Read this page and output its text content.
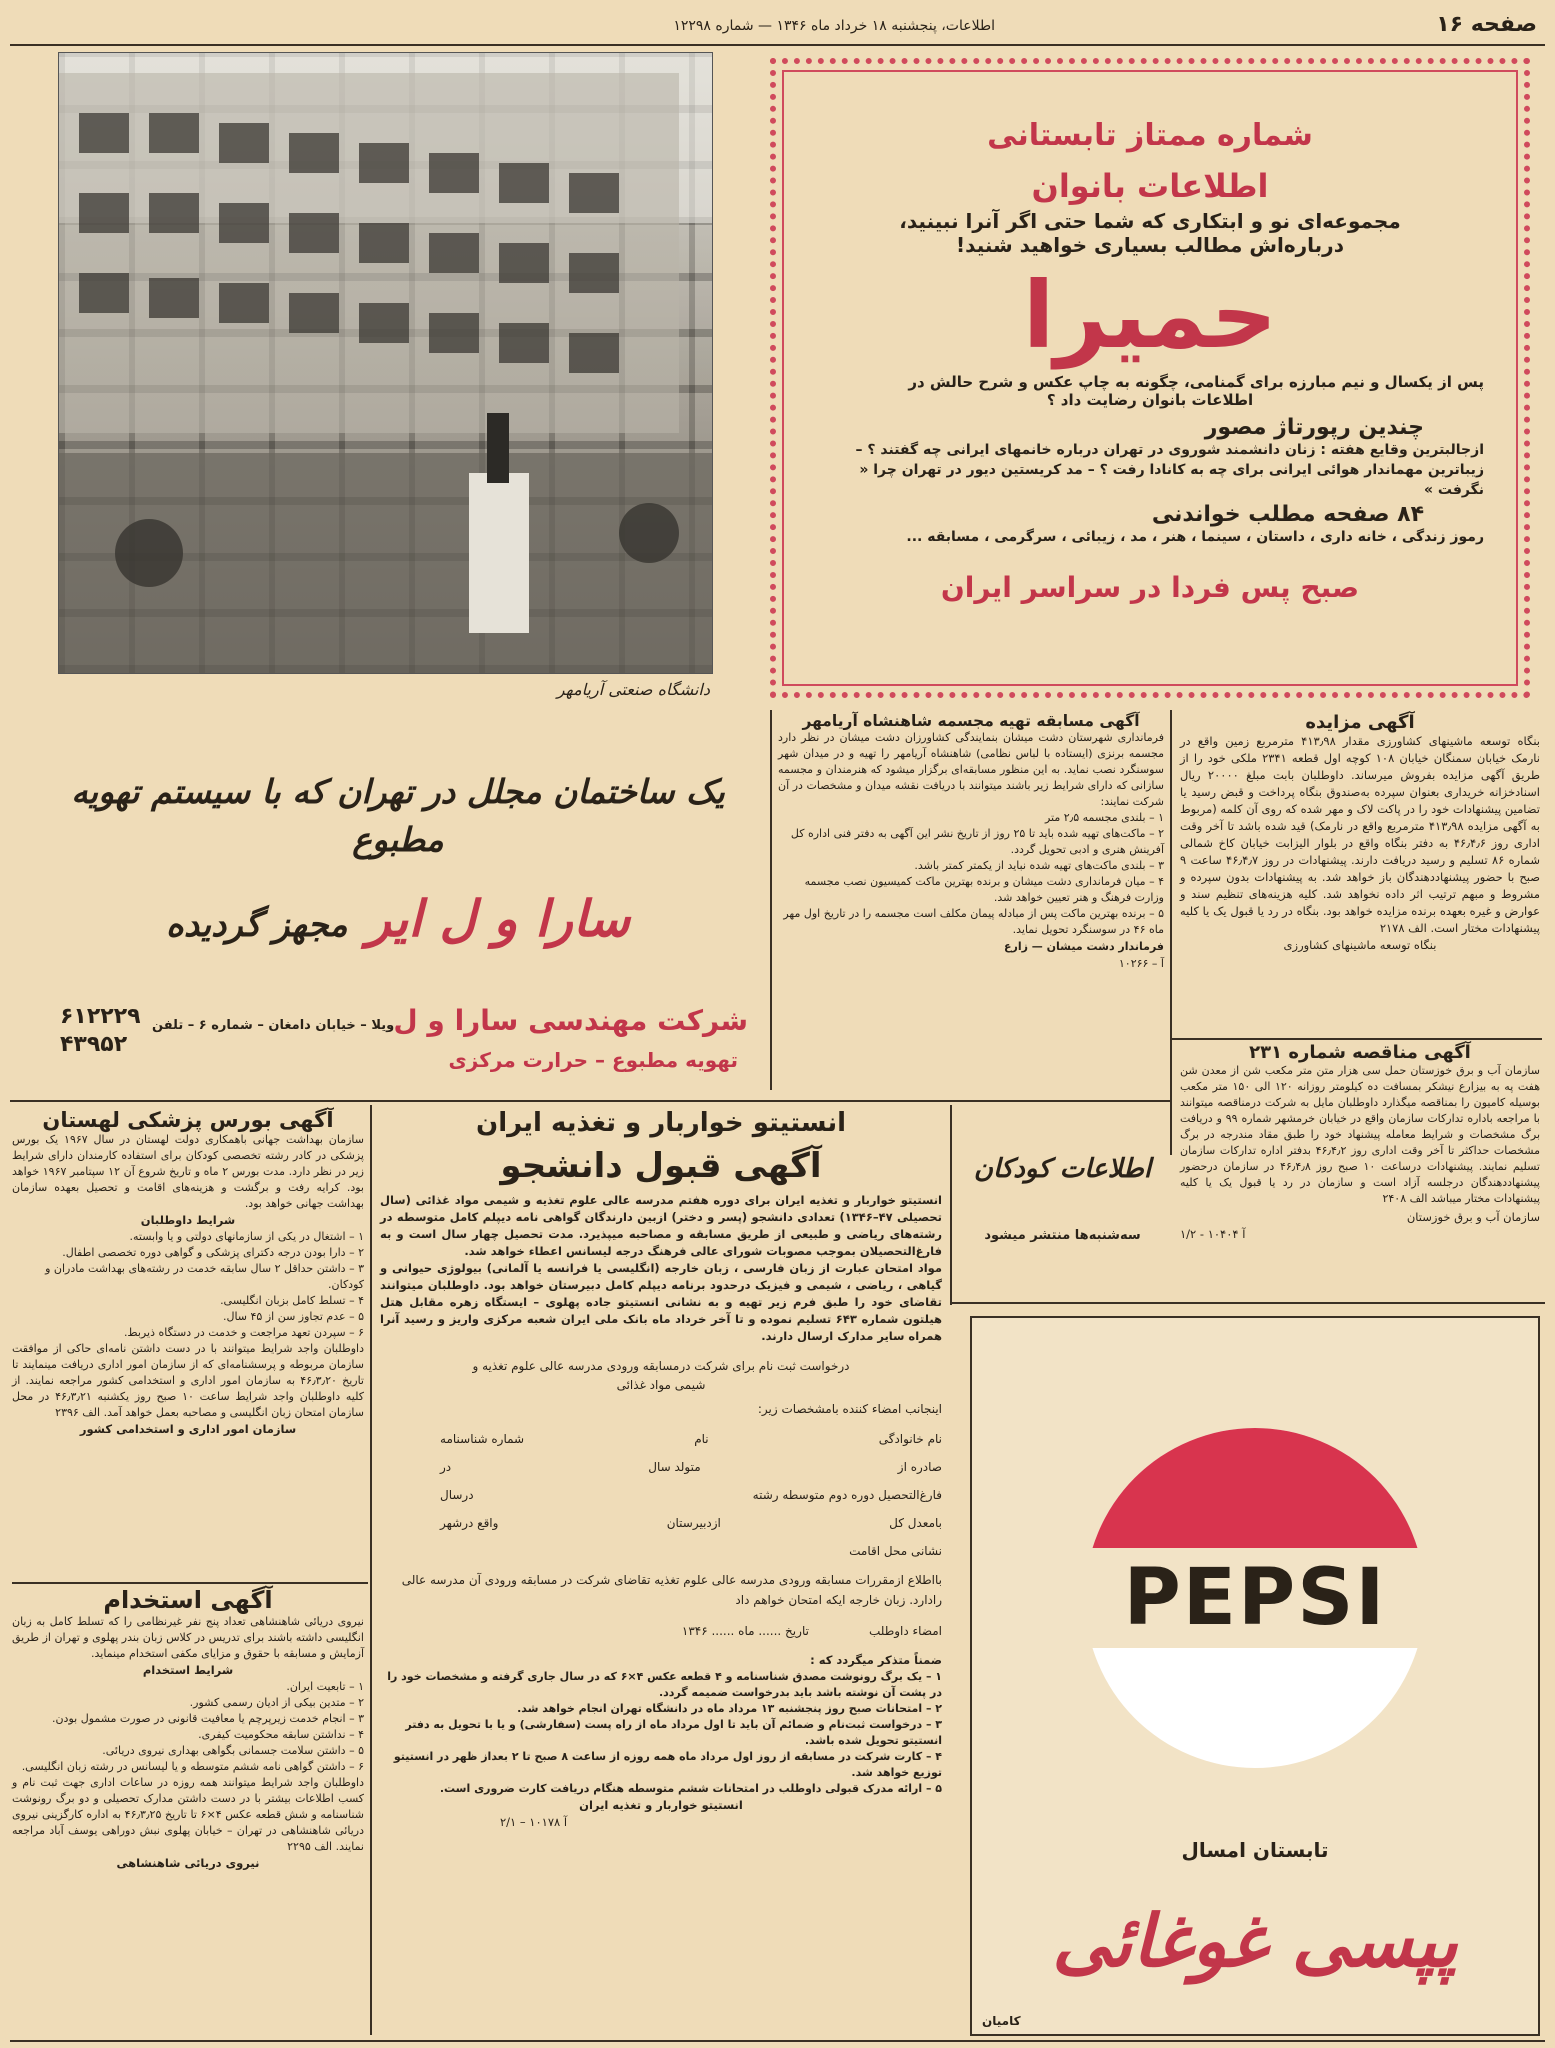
صفحه ۱۶
اطلاعات، پنجشنبه ۱۸ خرداد ماه ۱۳۴۶ — شماره ۱۲۲۹۸
دانشگاه صنعتی آریامهر
شماره ممتاز تابستانی
اطلاعات بانوان
مجموعه‌ای نو و ابتکاری که شما حتی اگر آنرا نبینید،
درباره‌اش مطالب بسیاری خواهید شنید!
حمیرا
پس از یکسال و نیم مبارزه برای گمنامی، چگونه به چاپ عکس و شرح حالش در
اطلاعات بانوان رضایت داد ؟
چندین رپورتاژ مصور
ازجالبترین وقایع هفته : زنان دانشمند شوروی در تهران درباره خانمهای ایرانی چه گفتند ؟ – زیباترین مهماندار هوائی ایرانی برای چه به کانادا رفت ؟ – مد کریستین دیور در تهران چرا « نگرفت »
۸۴ صفحه مطلب خواندنی
رموز زندگی ، خانه داری ، داستان ، سینما ، هنر ، مد ، زیبائی ، سرگرمی ، مسابقه ...
صبح پس فردا در سراسر ایران
آگهی مزایده
بنگاه توسعه ماشینهای کشاورزی مقدار ۴۱۳٫۹۸ مترمربع زمین واقع در نارمک خیابان سمنگان خیابان ۱۰۸ کوچه اول قطعه ۲۳۴۱ ملکی خود را از طریق آگهی مزایده بفروش میرساند. داوطلبان بابت مبلغ ۲۰۰۰۰ ریال اسنادخزانه خریداری بعنوان سپرده به‌صندوق بنگاه پرداخت و قبض رسید یا تضامین پیشنهادات خود را در پاکت لاک و مهر شده که روی آن کلمه (مربوط به آگهی مزایده ۴۱۳٫۹۸ مترمربع واقع در نارمک) قید شده باشد تا آخر وقت اداری روز ۴۶٫۴٫۶ به دفتر بنگاه واقع در بلوار الیزابت خیابان کاخ شمالی شماره ۸۶ تسلیم و رسید دریافت دارند. پیشنهادات در روز ۴۶٫۴٫۷ ساعت ۹ صبح با حضور پیشنهاددهندگان باز خواهد شد. به پیشنهادات بدون سپرده و مشروط و مبهم ترتیب اثر داده نخواهد شد. کلیه هزینه‌های تنظیم سند و عوارض و غیره بعهده برنده مزایده خواهد بود. بنگاه در رد یا قبول یک یا کلیه پیشنهادات مختار است. الف ۲۱۷۸
بنگاه توسعه ماشینهای کشاورزی
آگهی مناقصه شماره ۲۳۱
سازمان آب و برق خوزستان حمل سی هزار متن متر مکعب شن از معدن شن هفت په به بیزارع نیشکر بمسافت ده کیلومتر روزانه ۱۲۰ الی ۱۵۰ متر مکعب بوسیله کامیون را بمناقصه میگذارد داوطلبان مایل به شرکت درمناقصه میتوانند با مراجعه باداره تدارکات سازمان واقع در خیابان خرمشهر شماره ۹۹ و دریافت برگ مشخصات و شرایط معامله پیشنهاد خود را طبق مقاد مندرجه در برگ مشخصات حداکثر تا آخر وقت اداری روز ۴۶٫۴٫۲ بدفتر اداره تدارکات سازمان تسلیم نمایند. پیشنهادات درساعت ۱۰ صبح روز ۴۶٫۴٫۸ در سازمان درحضور پیشنهاددهندگان درجلسه آزاد است و سازمان در رد یا قبول یک یا کلیه پیشنهادات مختار میباشد الف ۲۴۰۸
سازمان آب و برق خوزستان
آ ۱۰۴۰۴ - ۱/۲
آگهی مسابقه تهیه مجسمه شاهنشاه آریامهر
فرمانداری شهرستان دشت میشان بنمایندگی کشاورزان دشت میشان در نظر دارد مجسمه برنزی (ایستاده با لباس نظامی) شاهنشاه آریامهر را تهیه و در میدان شهر سوسنگرد نصب نماید. به این منظور مسابقه‌ای برگزار میشود که هنرمندان و مجسمه سازانی که دارای شرایط زیر باشند میتوانند با دریافت نقشه میدان و مشخصات در آن شرکت نمایند:
۱ – بلندی مجسمه ۲٫۵ متر
۲ – ماکت‌های تهیه شده باید تا ۲۵ روز از تاریخ نشر این آگهی به دفتر فنی اداره کل آفرینش هنری و ادبی تحویل گردد.
۳ – بلندی ماکت‌های تهیه شده نباید از یکمتر کمتر باشد.
۴ – میان فرمانداری دشت میشان و برنده بهترین ماکت کمیسیون نصب مجسمه وزارت فرهنگ و هنر تعیین خواهد شد.
۵ – برنده بهترین ماکت پس از مبادله پیمان مکلف است مجسمه را در تاریخ اول مهر ماه ۴۶ در سوسنگرد تحویل نماید.
فرماندار دشت میشان — زارع
آ – ۱۰۲۶۶
یک ساختمان مجلل در تهران که با سیستم تهویه مطبوع
سارا و ل ایر مجهز گردیده
شرکت مهندسی سارا و ل
تهویه مطبوع – حرارت مرکزی
ویلا – خیابان دامغان – شماره ۶ – تلفن
۶۱۲۲۲۹
۴۳۹۵۲
آگهی بورس پزشکی لهستان
سازمان بهداشت جهانی باهمکاری دولت لهستان در سال ۱۹۶۷ یک بورس پزشکی در کادر رشته تخصصی کودکان برای استفاده کارمندان دارای شرایط زیر در نظر دارد. مدت بورس ۲ ماه و تاریخ شروع آن ۱۲ سپتامبر ۱۹۶۷ خواهد بود. کرایه رفت و برگشت و هزینه‌های اقامت و تحصیل بعهده سازمان بهداشت جهانی خواهد بود.
شرایط داوطلبان
۱ – اشتغال در یکی از سازمانهای دولتی و یا وابسته.
۲ – دارا بودن درجه دکترای پزشکی و گواهی دوره تخصصی اطفال.
۳ – داشتن حداقل ۲ سال سابقه خدمت در رشته‌های بهداشت مادران و کودکان.
۴ – تسلط کامل بزبان انگلیسی.
۵ – عدم تجاوز سن از ۴۵ سال.
۶ – سپردن تعهد مراجعت و خدمت در دستگاه ذیربط.
داوطلبان واجد شرایط میتوانند با در دست داشتن نامه‌ای حاکی از موافقت سازمان مربوطه و پرسشنامه‌ای که از سازمان امور اداری دریافت مینمایند تا تاریخ ۴۶٫۳٫۲۰ به سازمان امور اداری و استخدامی کشور مراجعه نمایند. از کلیه داوطلبان واجد شرایط ساعت ۱۰ صبح روز یکشنبه ۴۶٫۳٫۲۱ در محل سازمان امتحان زبان انگلیسی و مصاحبه بعمل خواهد آمد. الف ۲۳۹۶
سازمان امور اداری و استخدامی کشور
آگهی استخدام
نیروی دریائی شاهنشاهی تعداد پنج نفر غیرنظامی را که تسلط کامل به زبان انگلیسی داشته باشند برای تدریس در کلاس زبان بندر پهلوی و تهران از طریق آزمایش و مسابقه با حقوق و مزایای مکفی استخدام مینماید.
شرایط استخدام
۱ – تابعیت ایران.
۲ – متدین بیکی از ادیان رسمی کشور.
۳ – انجام خدمت زیرپرچم یا معافیت قانونی در صورت مشمول بودن.
۴ – نداشتن سابقه محکومیت کیفری.
۵ – داشتن سلامت جسمانی بگواهی بهداری نیروی دریائی.
۶ – داشتن گواهی نامه ششم متوسطه و یا لیسانس در رشته زبان انگلیسی.
داوطلبان واجد شرایط میتوانند همه روزه در ساعات اداری جهت ثبت نام و کسب اطلاعات بیشتر با در دست داشتن مدارک تحصیلی و دو برگ رونوشت شناسنامه و شش قطعه عکس ۴×۶ تا تاریخ ۴۶٫۳٫۲۵ به اداره کارگزینی نیروی دریائی شاهنشاهی در تهران – خیابان پهلوی نبش دوراهی یوسف آباد مراجعه نمایند. الف ۲۲۹۵
نیروی دریائی شاهنشاهی
انستیتو خواربار و تغذیه ایران
آگهی قبول دانشجو
انستیتو خواربار و تغذیه ایران برای دوره هفتم مدرسه عالی علوم تغذیه و شیمی مواد غذائی (سال تحصیلی ۴۷–۱۳۴۶) تعدادی دانشجو (پسر و دختر) ازبین دارندگان گواهی نامه دیپلم کامل متوسطه در رشته‌های ریاضی و طبیعی از طریق مسابقه و مصاحبه میپذیرد. مدت تحصیل چهار سال است و به فارغ‌التحصیلان بموجب مصوبات شورای عالی فرهنگ درجه لیسانس اعطاء خواهد شد.
مواد امتحان عبارت از زبان فارسی ، زبان خارجه (انگلیسی یا فرانسه یا آلمانی) بیولوژی حیوانی و گیاهی ، ریاضی ، شیمی و فیزیک درحدود برنامه دیپلم کامل دبیرستان خواهد بود. داوطلبان میتوانند تقاضای خود را طبق فرم زیر تهیه و به نشانی انستیتو جاده پهلوی – ایستگاه زهره مقابل هتل هیلتون شماره ۶۴۳ تسلیم نموده و تا آخر خرداد ماه بانک ملی ایران شعبه مرکزی واریز و رسید آنرا همراه سایر مدارک ارسال دارند.
درخواست ثبت نام برای شرکت درمسابقه ورودی مدرسه عالی علوم تغذیه و شیمی مواد غذائی
اینجانب امضاء کننده بامشخصات زیر:
نام خانوادگی
نام
شماره شناسنامه
صادره از
متولد سال
در
فارغ‌التحصیل دوره دوم متوسطه رشته
درسال
بامعدل کل
ازدبیرستان
واقع درشهر
نشانی محل اقامت
بااطلاع ازمقررات مسابقه ورودی مدرسه عالی علوم تغذیه تقاضای شرکت در مسابقه ورودی آن مدرسه عالی رادارد. زبان خارجه ایکه امتحان خواهم داد
امضاء داوطلب
تاریخ ...... ماه ...... ۱۳۴۶
ضمناً متذکر میگردد که :
۱ – یک برگ رونوشت مصدق شناسنامه و ۴ قطعه عکس ۴×۶ که در سال جاری گرفته و مشخصات خود را در پشت آن نوشته باشد باید بدرخواست ضمیمه گردد.
۲ – امتحانات صبح روز پنجشنبه ۱۳ مرداد ماه در دانشگاه تهران انجام خواهد شد.
۳ – درخواست ثبت‌نام و ضمائم آن باید تا اول مرداد ماه از راه پست (سفارشی) و یا با تحویل به دفتر انستیتو تحویل شده باشد.
۴ – کارت شرکت در مسابقه از روز اول مرداد ماه همه روزه از ساعت ۸ صبح تا ۲ بعداز ظهر در انستیتو توزیع خواهد شد.
۵ – ارائه مدرک قبولی داوطلب در امتحانات ششم متوسطه هنگام دریافت کارت ضروری است.
انستیتو خواربار و تغذیه ایران
آ ۱۰۱۷۸ – ۲/۱
اطلاعات کودکان
سه‌شنبه‌ها منتشر میشود
PEPSI
تابستان امسال
پپسی غوغائی
کامیان
